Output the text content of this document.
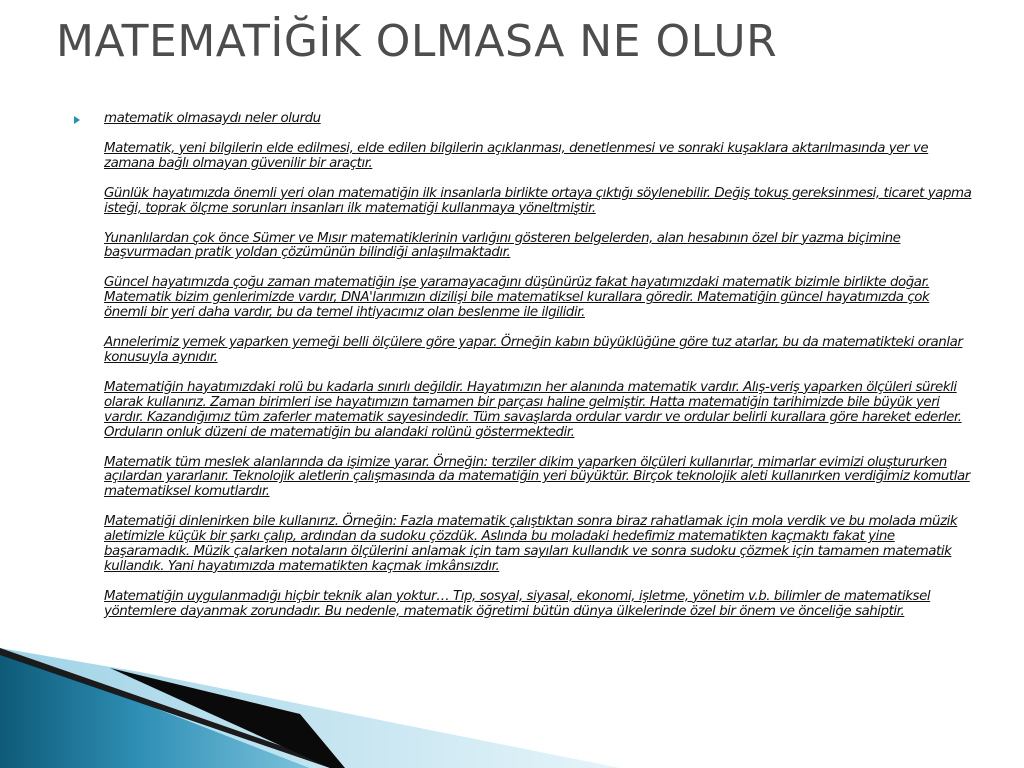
MATEMATİĞİK OLMASA NE OLUR

matematik olmasaydı neler olurdu

Matematik, yeni bilgilerin elde edilmesi, elde edilen bilgilerin açıklanması, denetlenmesi ve sonraki kuşaklara aktarılmasında yer ve zamana bağlı olmayan güvenilir bir araçtır.

Günlük hayatımızda önemli yeri olan matematiğin ilk insanlarla birlikte ortaya çıktığı söylenebilir. Değiş tokuş gereksinmesi, ticaret yapma isteği, toprak ölçme sorunları insanları ilk matematiği kullanmaya yöneltmiştir.

Yunanlılardan çok önce Sümer ve Mısır matematiklerinin varlığını gösteren belgelerden, alan hesabının özel bir yazma biçimine başvurmadan pratik yoldan çözümünün bilindiği anlaşılmaktadır.

Güncel hayatımızda çoğu zaman matematiğin işe yaramayacağını düşünürüz fakat hayatımızdaki matematik bizimle birlikte doğar. Matematik bizim genlerimizde vardır, DNA'larımızın dizilişi bile matematiksel kurallara göredir. Matematiğin güncel hayatımızda çok önemli bir yeri daha vardır, bu da temel ihtiyacımız olan beslenme ile ilgilidir.

Annelerimiz yemek yaparken yemeği belli ölçülere göre yapar. Örneğin kabın büyüklüğüne göre tuz atarlar, bu da matematikteki oranlar konusuyla aynıdır.

Matematiğin hayatımızdaki rolü bu kadarla sınırlı değildir. Hayatımızın her alanında matematik vardır. Alış-veriş yaparken ölçüleri sürekli olarak kullanırız. Zaman birimleri ise hayatımızın tamamen bir parçası haline gelmiştir. Hatta matematiğin tarihimizde bile büyük yeri vardır. Kazandığımız tüm zaferler matematik sayesindedir. Tüm savaşlarda ordular vardır ve ordular belirli kurallara göre hareket ederler. Orduların onluk düzeni de matematiğin bu alandaki rolünü göstermektedir.

Matematik tüm meslek alanlarında da işimize yarar. Örneğin: terziler dikim yaparken ölçüleri kullanırlar, mimarlar evimizi oluştururken açılardan yararlanır. Teknolojik aletlerin çalışmasında da matematiğin yeri büyüktür. Birçok teknolojik aleti kullanırken verdiğimiz komutlar matematiksel komutlardır.

Matematiği dinlenirken bile kullanırız. Örneğin: Fazla matematik çalıştıktan sonra biraz rahatlamak için mola verdik ve bu molada müzik aletimizle küçük bir şarkı çalıp, ardından da sudoku çözdük. Aslında bu moladaki hedefimiz matematikten kaçmaktı fakat yine başaramadık. Müzik çalarken notaların ölçülerini anlamak için tam sayıları kullandık ve sonra sudoku çözmek için tamamen matematik kullandık. Yani hayatımızda matematikten kaçmak imkânsızdır.

Matematiğin uygulanmadığı hiçbir teknik alan yoktur… Tıp, sosyal, siyasal, ekonomi, işletme, yönetim v.b. bilimler de matematiksel yöntemlere dayanmak zorundadır. Bu nedenle, matematik öğretimi bütün dünya ülkelerinde özel bir önem ve önceliğe sahiptir.
